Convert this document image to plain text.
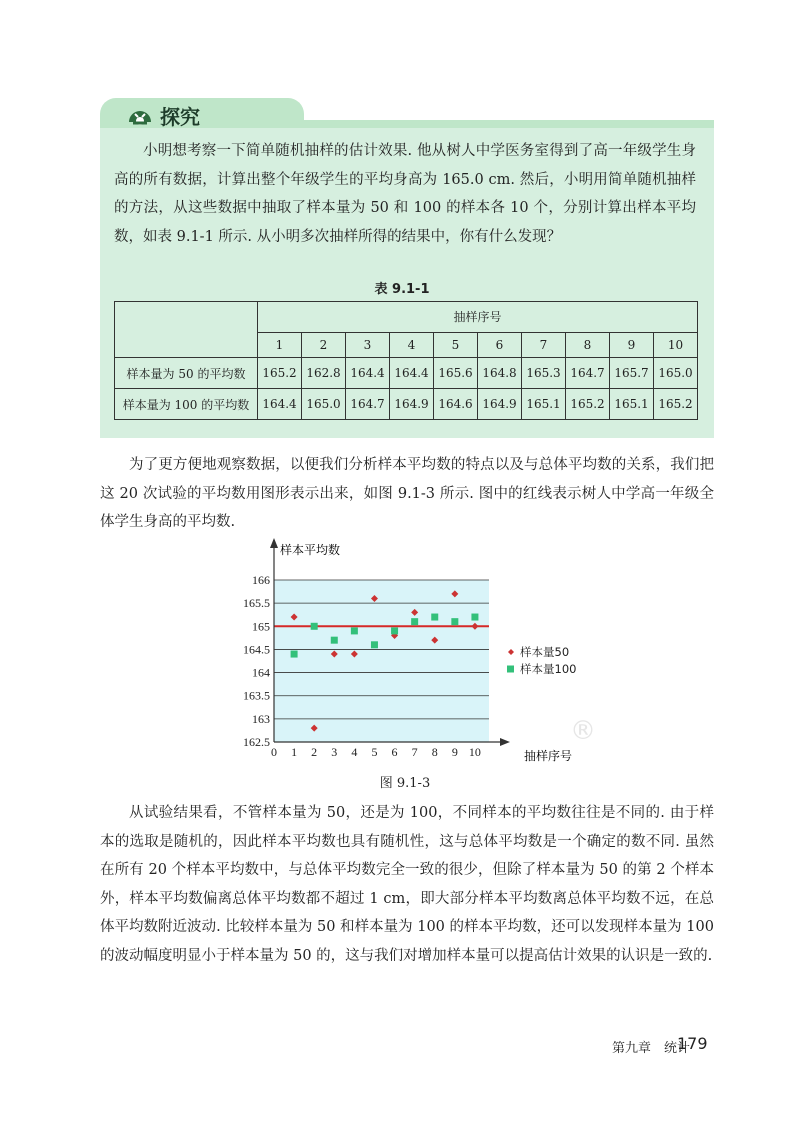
探究

小明想考察一下简单随机抽样的估计效果. 他从树人中学医务室得到了高一年级学生身高的所有数据，计算出整个年级学生的平均身高为 165.0 cm. 然后，小明用简单随机抽样的方法，从这些数据中抽取了样本量为 50 和 100 的样本各 10 个，分别计算出样本平均数，如表 9.1-1 所示. 从小明多次抽样所得的结果中，你有什么发现？

表 9.1-1
	抽样序号									
	1	2	3	4	5	6	7	8	9	10
样本量为 50 的平均数	165.2	162.8	164.4	164.4	165.6	164.8	165.3	164.7	165.7	165.0
样本量为 100 的平均数	164.4	165.0	164.7	164.9	164.6	164.9	165.1	165.2	165.1	165.2

为了更方便地观察数据，以便我们分析样本平均数的特点以及与总体平均数的关系，我们把这 20 次试验的平均数用图形表示出来，如图 9.1-3 所示. 图中的红线表示树人中学高一年级全体学生身高的平均数.

162.5
163
163.5
164
164.5
165
165.5
166
0 1 2 3 4 5 6 7 8 9 10
样本平均数
抽样序号
样本量50
样本量100
图 9.1-3
®

从试验结果看，不管样本量为 50，还是为 100，不同样本的平均数往往是不同的. 由于样本的选取是随机的，因此样本平均数也具有随机性，这与总体平均数是一个确定的数不同. 虽然在所有 20 个样本平均数中，与总体平均数完全一致的很少，但除了样本量为 50 的第 2 个样本外，样本平均数偏离总体平均数都不超过 1 cm，即大部分样本平均数离总体平均数不远，在总体平均数附近波动. 比较样本量为 50 和样本量为 100 的样本平均数，还可以发现样本量为 100 的波动幅度明显小于样本量为 50 的，这与我们对增加样本量可以提高估计效果的认识是一致的.

第九章　统计
179
